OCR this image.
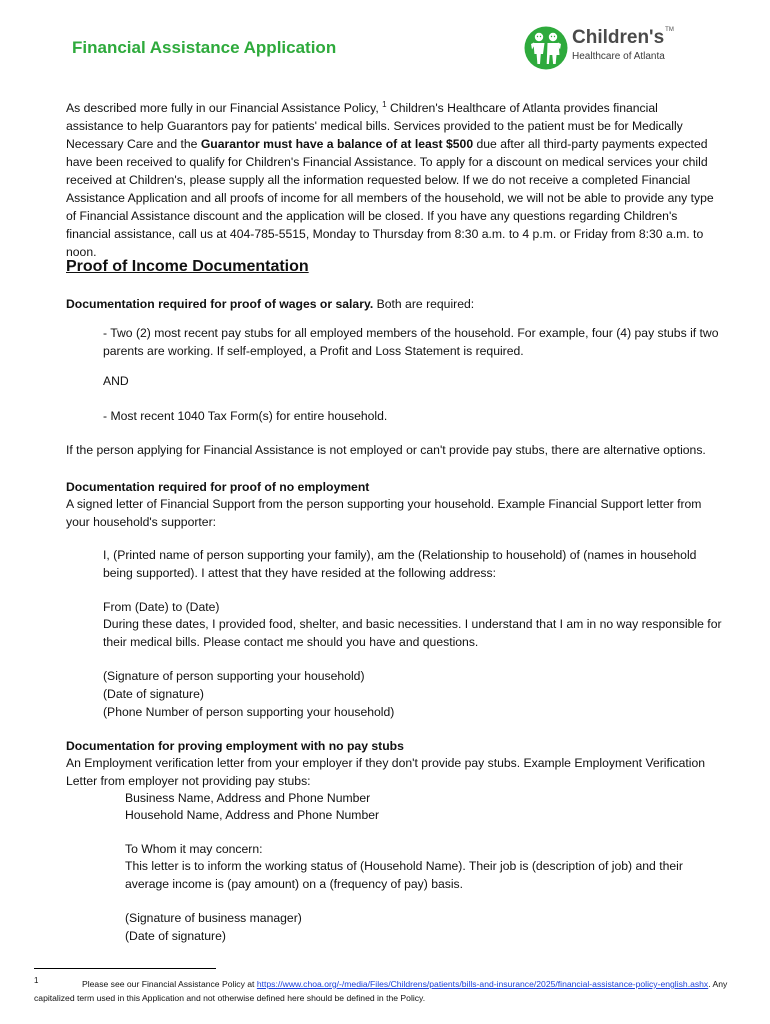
Financial Assistance Application	Children's™
Healthcare of Atlanta

As described more fully in our Financial Assistance Policy, $^1$ Children's Healthcare of Atlanta provides financial assistance to help Guarantors pay for patients' medical bills. Services provided to the patient must be for Medically Necessary Care and the Guarantor must have a balance of at least $500 due after all third-party payments expected have been received to qualify for Children's Financial Assistance. To apply for a discount on medical services your child received at Children's, please supply all the information requested below. If we do not receive a completed Financial Assistance Application and all proofs of income for all members of the household, we will not be able to provide any type of Financial Assistance discount and the application will be closed. If you have any questions regarding Children's financial assistance, call us at 404-785-5515, Monday to Thursday from 8:30 a.m. to 4 p.m. or Friday from 8:30 a.m. to noon.

Proof of Income Documentation

Documentation required for proof of wages or salary. Both are required:

- Two (2) most recent pay stubs for all employed members of the household. For example, four (4) pay stubs if two parents are working. If self-employed, a Profit and Loss Statement is required.

AND

- Most recent 1040 Tax Form(s) for entire household.

If the person applying for Financial Assistance is not employed or can't provide pay stubs, there are alternative options.

Documentation required for proof of no employment

A signed letter of Financial Support from the person supporting your household. Example Financial Support letter from your household's supporter:

I, (Printed name of person supporting your family), am the (Relationship to household) of (names in household being supported). I attest that they have resided at the following address:

From (Date) to (Date)

During these dates, I provided food, shelter, and basic necessities. I understand that I am in no way responsible for their medical bills. Please contact me should you have and questions.

(Signature of person supporting your household)

(Date of signature)

(Phone Number of person supporting your household)

Documentation for proving employment with no pay stubs

An Employment verification letter from your employer if they don't provide pay stubs. Example Employment Verification Letter from employer not providing pay stubs:

Business Name, Address and Phone Number

Household Name, Address and Phone Number

To Whom it may concern:

This letter is to inform the working status of (Household Name). Their job is (description of job) and their average income is (pay amount) on a (frequency of pay) basis.

(Signature of business manager)

(Date of signature)

1	Please see our Financial Assistance Policy at https://www.choa.org/-/media/Files/Childrens/patients/bills-and-insurance/2025/financial-assistance-policy-english.ashx. Any capitalized term used in this Application and not otherwise defined here should be defined in the Policy.
